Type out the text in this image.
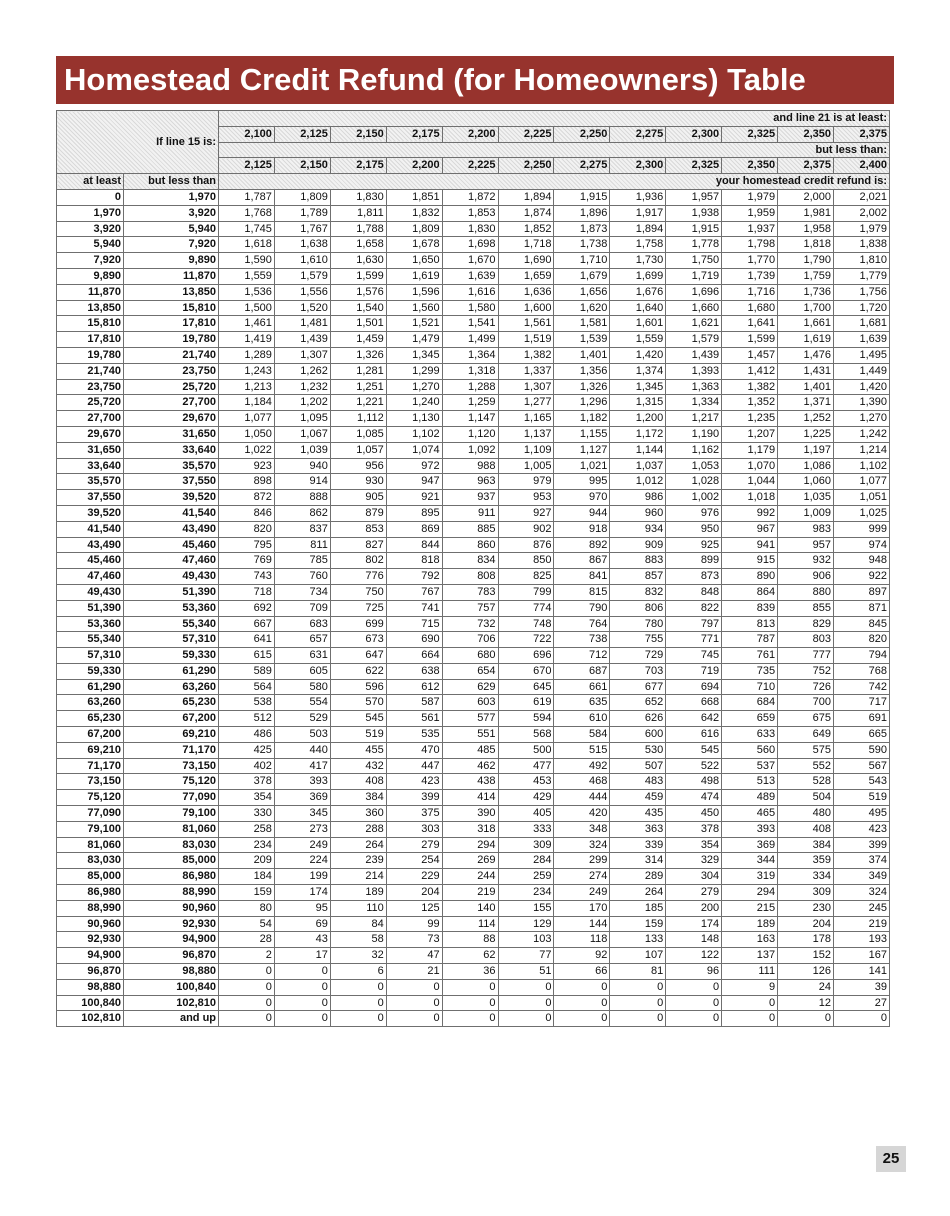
Homestead Credit Refund (for Homeowners) Table
If line 15 is:		and line 21 is at least:											
		2,100	2,125	2,150	2,175	2,200	2,225	2,250	2,275	2,300	2,325	2,350	2,375
		but less than:											
		2,125	2,150	2,175	2,200	2,225	2,250	2,275	2,300	2,325	2,350	2,375	2,400
at least	but less than	your homestead credit refund is:											
0	1,970	1,787	1,809	1,830	1,851	1,872	1,894	1,915	1,936	1,957	1,979	2,000	2,021
1,970	3,920	1,768	1,789	1,811	1,832	1,853	1,874	1,896	1,917	1,938	1,959	1,981	2,002
3,920	5,940	1,745	1,767	1,788	1,809	1,830	1,852	1,873	1,894	1,915	1,937	1,958	1,979
5,940	7,920	1,618	1,638	1,658	1,678	1,698	1,718	1,738	1,758	1,778	1,798	1,818	1,838
7,920	9,890	1,590	1,610	1,630	1,650	1,670	1,690	1,710	1,730	1,750	1,770	1,790	1,810
9,890	11,870	1,559	1,579	1,599	1,619	1,639	1,659	1,679	1,699	1,719	1,739	1,759	1,779
11,870	13,850	1,536	1,556	1,576	1,596	1,616	1,636	1,656	1,676	1,696	1,716	1,736	1,756
13,850	15,810	1,500	1,520	1,540	1,560	1,580	1,600	1,620	1,640	1,660	1,680	1,700	1,720
15,810	17,810	1,461	1,481	1,501	1,521	1,541	1,561	1,581	1,601	1,621	1,641	1,661	1,681
17,810	19,780	1,419	1,439	1,459	1,479	1,499	1,519	1,539	1,559	1,579	1,599	1,619	1,639
19,780	21,740	1,289	1,307	1,326	1,345	1,364	1,382	1,401	1,420	1,439	1,457	1,476	1,495
21,740	23,750	1,243	1,262	1,281	1,299	1,318	1,337	1,356	1,374	1,393	1,412	1,431	1,449
23,750	25,720	1,213	1,232	1,251	1,270	1,288	1,307	1,326	1,345	1,363	1,382	1,401	1,420
25,720	27,700	1,184	1,202	1,221	1,240	1,259	1,277	1,296	1,315	1,334	1,352	1,371	1,390
27,700	29,670	1,077	1,095	1,112	1,130	1,147	1,165	1,182	1,200	1,217	1,235	1,252	1,270
29,670	31,650	1,050	1,067	1,085	1,102	1,120	1,137	1,155	1,172	1,190	1,207	1,225	1,242
31,650	33,640	1,022	1,039	1,057	1,074	1,092	1,109	1,127	1,144	1,162	1,179	1,197	1,214
33,640	35,570	923	940	956	972	988	1,005	1,021	1,037	1,053	1,070	1,086	1,102
35,570	37,550	898	914	930	947	963	979	995	1,012	1,028	1,044	1,060	1,077
37,550	39,520	872	888	905	921	937	953	970	986	1,002	1,018	1,035	1,051
39,520	41,540	846	862	879	895	911	927	944	960	976	992	1,009	1,025
41,540	43,490	820	837	853	869	885	902	918	934	950	967	983	999
43,490	45,460	795	811	827	844	860	876	892	909	925	941	957	974
45,460	47,460	769	785	802	818	834	850	867	883	899	915	932	948
47,460	49,430	743	760	776	792	808	825	841	857	873	890	906	922
49,430	51,390	718	734	750	767	783	799	815	832	848	864	880	897
51,390	53,360	692	709	725	741	757	774	790	806	822	839	855	871
53,360	55,340	667	683	699	715	732	748	764	780	797	813	829	845
55,340	57,310	641	657	673	690	706	722	738	755	771	787	803	820
57,310	59,330	615	631	647	664	680	696	712	729	745	761	777	794
59,330	61,290	589	605	622	638	654	670	687	703	719	735	752	768
61,290	63,260	564	580	596	612	629	645	661	677	694	710	726	742
63,260	65,230	538	554	570	587	603	619	635	652	668	684	700	717
65,230	67,200	512	529	545	561	577	594	610	626	642	659	675	691
67,200	69,210	486	503	519	535	551	568	584	600	616	633	649	665
69,210	71,170	425	440	455	470	485	500	515	530	545	560	575	590
71,170	73,150	402	417	432	447	462	477	492	507	522	537	552	567
73,150	75,120	378	393	408	423	438	453	468	483	498	513	528	543
75,120	77,090	354	369	384	399	414	429	444	459	474	489	504	519
77,090	79,100	330	345	360	375	390	405	420	435	450	465	480	495
79,100	81,060	258	273	288	303	318	333	348	363	378	393	408	423
81,060	83,030	234	249	264	279	294	309	324	339	354	369	384	399
83,030	85,000	209	224	239	254	269	284	299	314	329	344	359	374
85,000	86,980	184	199	214	229	244	259	274	289	304	319	334	349
86,980	88,990	159	174	189	204	219	234	249	264	279	294	309	324
88,990	90,960	80	95	110	125	140	155	170	185	200	215	230	245
90,960	92,930	54	69	84	99	114	129	144	159	174	189	204	219
92,930	94,900	28	43	58	73	88	103	118	133	148	163	178	193
94,900	96,870	2	17	32	47	62	77	92	107	122	137	152	167
96,870	98,880	0	0	6	21	36	51	66	81	96	111	126	141
98,880	100,840	0	0	0	0	0	0	0	0	0	9	24	39
100,840	102,810	0	0	0	0	0	0	0	0	0	0	12	27
102,810	and up	0	0	0	0	0	0	0	0	0	0	0	0
25
